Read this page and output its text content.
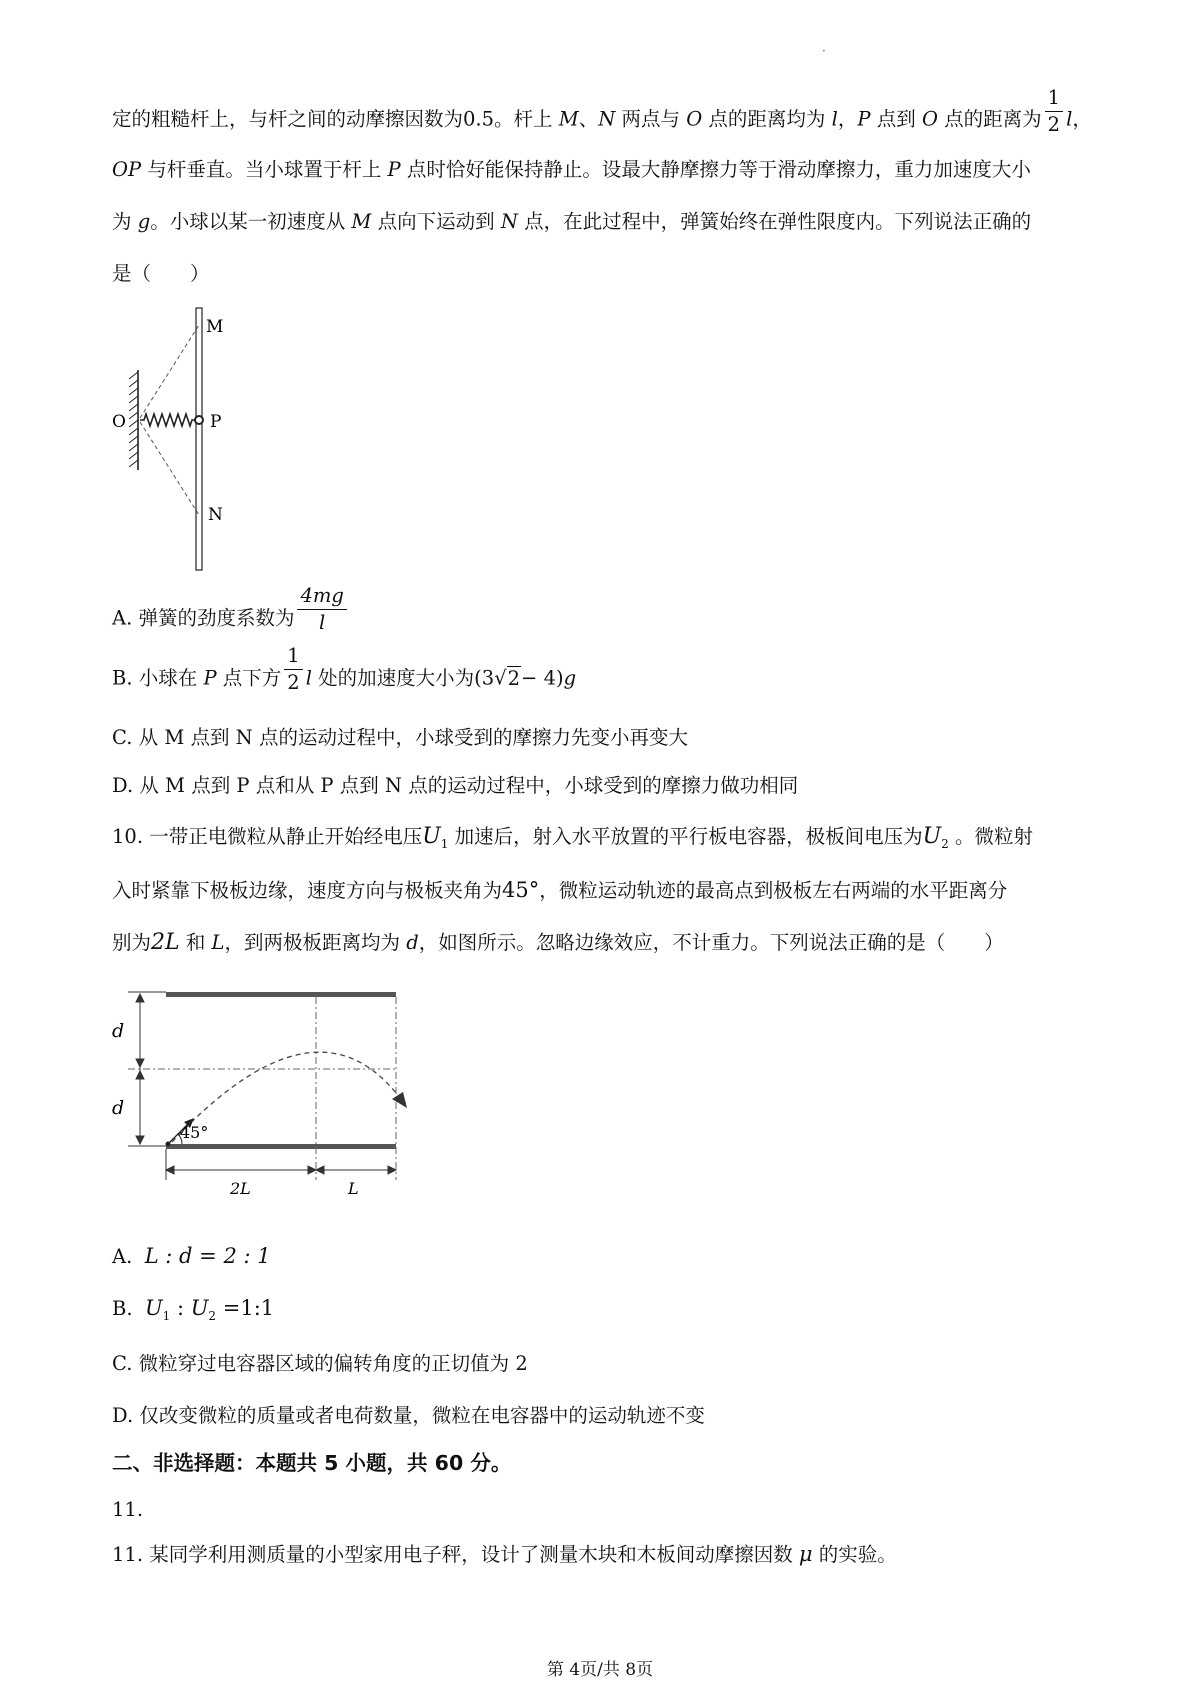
·
定的粗糙杆上，与杆之间的动摩擦因数为0.5。杆上 M、N 两点与 O 点的距离均为 l，P 点到 O 点的距离为 $\frac{1}{2}$ l，
OP 与杆垂直。当小球置于杆上 P 点时恰好能保持静止。设最大静摩擦力等于滑动摩擦力，重力加速度大小
为 g。小球以某一初速度从 M 点向下运动到 N 点，在此过程中，弹簧始终在弹性限度内。下列说法正确的
是（　　）
M
O	P
N
A. 弹簧的劲度系数为 $\frac{4mg}{l}$
B. 小球在 P 点下方 $\frac{1}{2}$ l 处的加速度大小为(3√2− 4)g
C. 从 M 点到 N 点的运动过程中，小球受到的摩擦力先变小再变大
D. 从 M 点到 P 点和从 P 点到 N 点的运动过程中，小球受到的摩擦力做功相同
10. 一带正电微粒从静止开始经电压$U_1$ 加速后，射入水平放置的平行板电容器，极板间电压为$U_2$ 。微粒射
入时紧靠下极板边缘，速度方向与极板夹角为45°，微粒运动轨迹的最高点到极板左右两端的水平距离分
别为2L 和 L，到两极板距离均为 d，如图所示。忽略边缘效应，不计重力。下列说法正确的是（　　）
d
d
45°
2L	L
A. L : d = 2 : 1
B. $U_1$ : $U_2$ =1:1
C. 微粒穿过电容器区域的偏转角度的正切值为 2
D. 仅改变微粒的质量或者电荷数量，微粒在电容器中的运动轨迹不变
二、非选择题：本题共 5 小题，共 60 分。
11.
11. 某同学利用测质量的小型家用电子秤，设计了测量木块和木板间动摩擦因数 μ 的实验。
第 4页/共 8页
